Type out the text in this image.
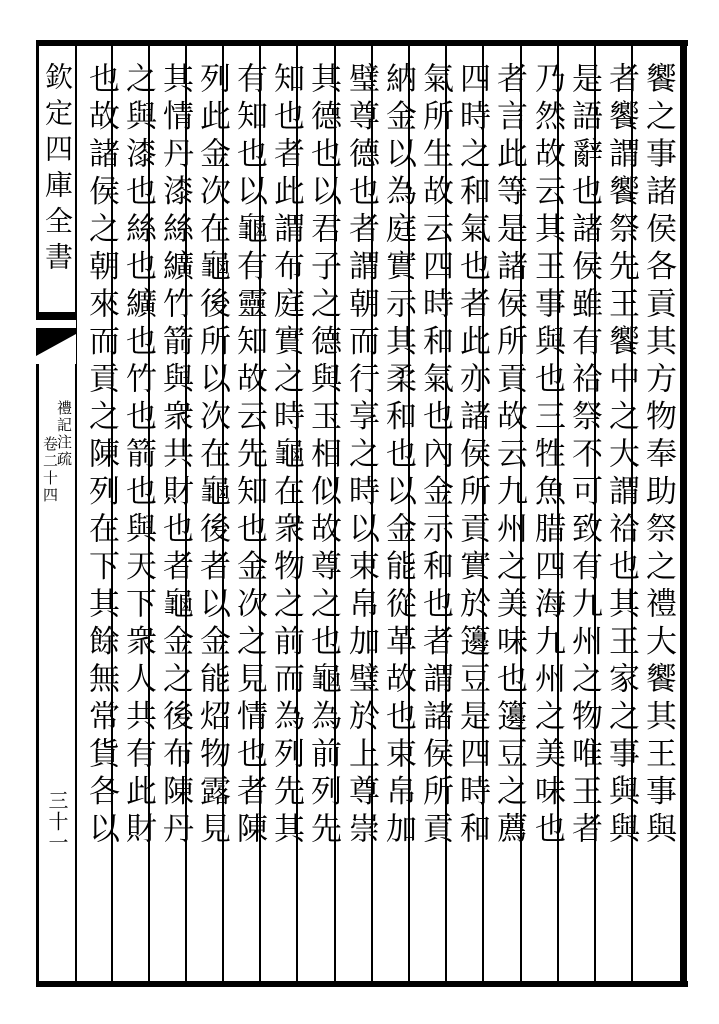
欽定四庫全書
禮記注疏
卷二十四
三十一	饗之事諸侯各貢其方物奉助祭之禮大饗其王事與
者饗謂饗祭先王饗中之大謂祫也其王家之事與與
是語辭也諸侯雖有祫祭不可致有九州之物唯王者
乃然故云其王事與也三牲魚腊四海九州之美味也
者言此等是諸侯所貢故云九州之美味也籩豆之薦
四時之和氣也者此亦諸侯所貢實於籩豆是四時和
氣所生故云四時和氣也內金示和也者謂諸侯所貢
納金以為庭實示其柔和也以金能從革故也束帛加
璧尊德也者謂朝而行享之時以束帛加璧於上尊崇
其德也以君子之德與玉相似故尊之也龜為前列先
知也者此謂布庭實之時龜在衆物之前而為列先其
有知也以龜有靈知故云先知也金次之見情也者陳
列此金次在龜後所以次在龜後者以金能炤物露見
其情丹漆絲纊竹箭與衆共財也者龜金之後布陳丹
之與漆也絲也纊也竹也箭也與天下衆人共有此財
也故諸侯之朝來而貢之陳列在下其餘無常貨各以
